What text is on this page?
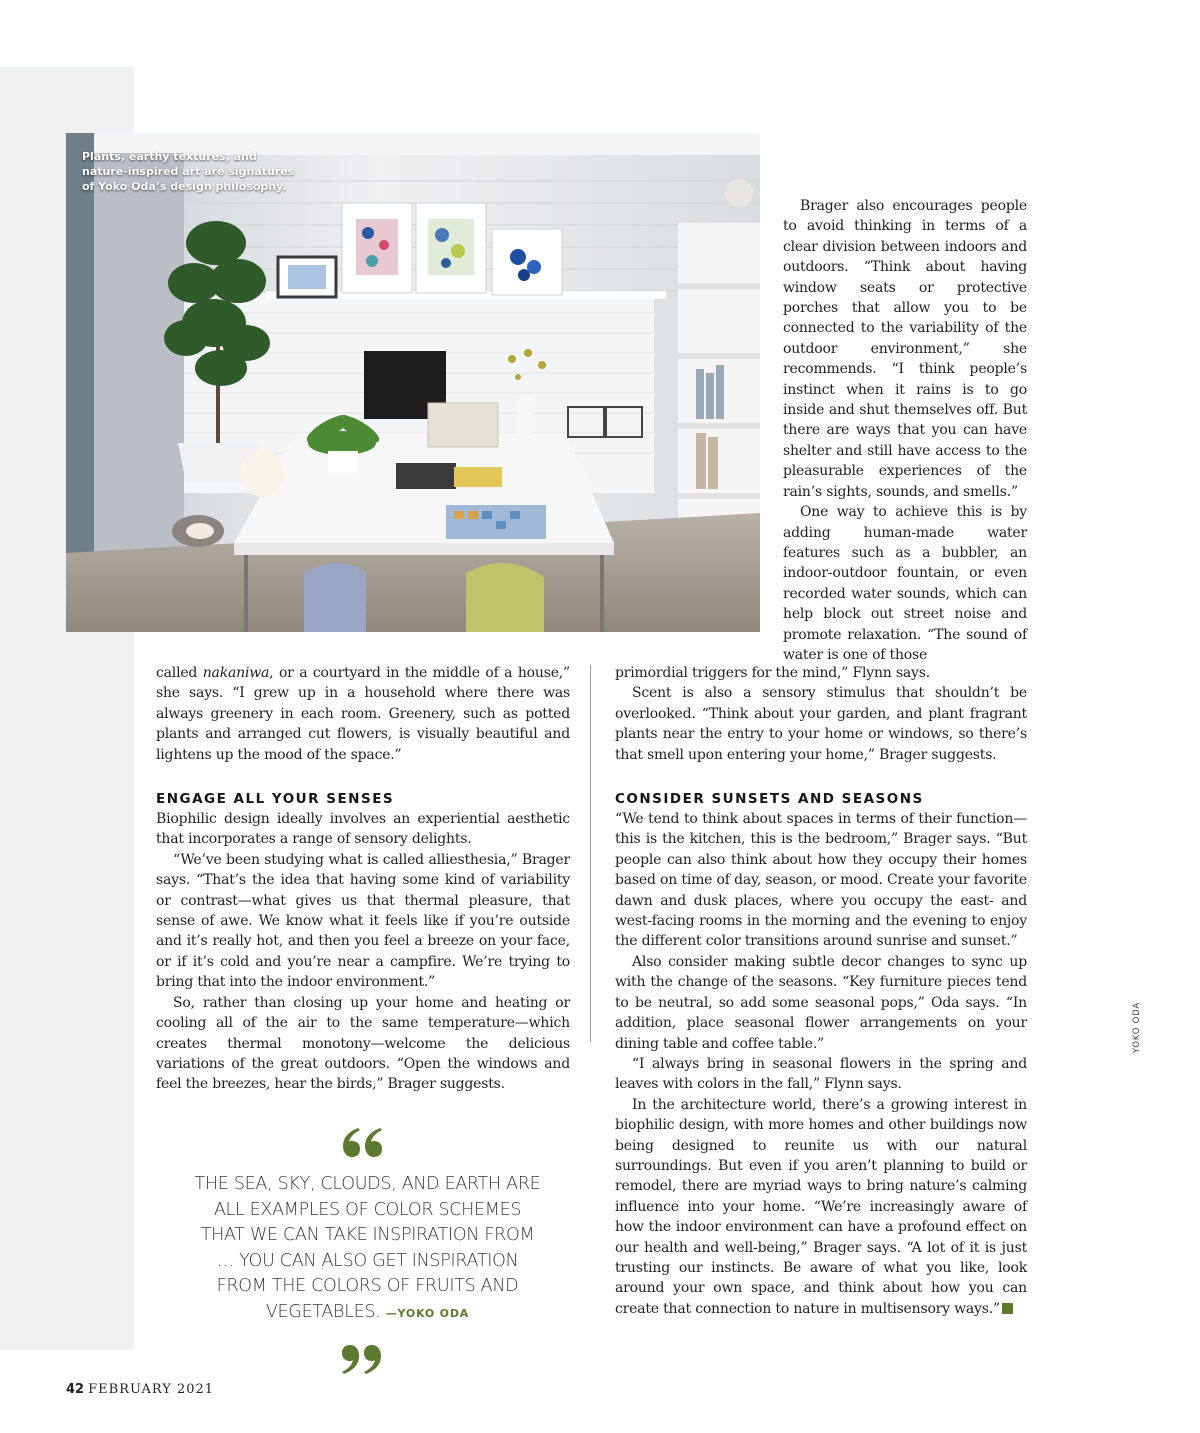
Plants, earthy textures, and
nature-inspired art are signatures
of Yoko Oda’s design philosophy.

Brager also encourages people to avoid thinking in terms of a clear division between indoors and outdoors. “Think about having window seats or protective porches that allow you to be connected to the variability of the outdoor environment,” she recommends. “I think people’s instinct when it rains is to go inside and shut themselves off. But there are ways that you can have shelter and still have access to the pleasurable experiences of the rain’s sights, sounds, and smells.”

One way to achieve this is by adding human-made water features such as a bubbler, an indoor-outdoor fountain, or even recorded water sounds, which can help block out street noise and promote relaxation. “The sound of water is one of those

called nakaniwa, or a courtyard in the middle of a house,” she says. “I grew up in a household where there was always greenery in each room. Greenery, such as potted plants and arranged cut flowers, is visually beautiful and lightens up the mood of the space.”

ENGAGE ALL YOUR SENSES

Biophilic design ideally involves an experiential aesthetic that incorporates a range of sensory delights.

“We’ve been studying what is called alliesthesia,” Brager says. “That’s the idea that having some kind of variability or contrast—what gives us that thermal pleasure, that sense of awe. We know what it feels like if you’re outside and it’s really hot, and then you feel a breeze on your face, or if it’s cold and you’re near a campfire. We’re trying to bring that into the indoor environment.”

So, rather than closing up your home and heating or cooling all of the air to the same temperature—which creates thermal monotony—welcome the delicious variations of the great outdoors. “Open the windows and feel the breezes, hear the birds,” Brager suggests.

THE SEA, SKY, CLOUDS, AND EARTH ARE ALL EXAMPLES OF COLOR SCHEMES THAT WE CAN TAKE INSPIRATION FROM … YOU CAN ALSO GET INSPIRATION FROM THE COLORS OF FRUITS AND VEGETABLES. —YOKO ODA

primordial triggers for the mind,” Flynn says.

Scent is also a sensory stimulus that shouldn’t be overlooked. “Think about your garden, and plant fragrant plants near the entry to your home or windows, so there’s that smell upon entering your home,” Brager suggests.

CONSIDER SUNSETS AND SEASONS

“We tend to think about spaces in terms of their function—this is the kitchen, this is the bedroom,” Brager says. “But people can also think about how they occupy their homes based on time of day, season, or mood. Create your favorite dawn and dusk places, where you occupy the east- and west-facing rooms in the morning and the evening to enjoy the different color transitions around sunrise and sunset.”

Also consider making subtle decor changes to sync up with the change of the seasons. “Key furniture pieces tend to be neutral, so add some seasonal pops,” Oda says. “In addition, place seasonal flower arrangements on your dining table and coffee table.”

“I always bring in seasonal flowers in the spring and leaves with colors in the fall,” Flynn says.

In the architecture world, there’s a growing interest in biophilic design, with more homes and other buildings now being designed to reunite us with our natural surroundings. But even if you aren’t planning to build or remodel, there are myriad ways to bring nature’s calming influence into your home. “We’re increasingly aware of how the indoor environment can have a profound effect on our health and well-being,” Brager says. “A lot of it is just trusting our instincts. Be aware of what you like, look around your own space, and think about how you can create that connection to nature in multisensory ways.”

42 FEBRUARY 2021
YOKO ODA
